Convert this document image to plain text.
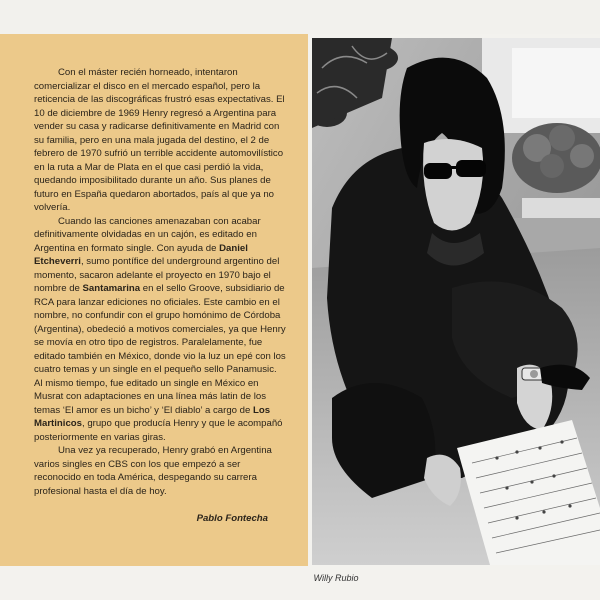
Con el máster recién horneado, intentaron comercializar el disco en el mercado español, pero la reticencia de las discográficas frustró esas expectativas. El 10 de diciembre de 1969 Henry regresó a Argentina para vender su casa y radicarse definitivamente en Madrid con su familia, pero en una mala jugada del destino, el 2 de febrero de 1970 sufrió un terrible accidente automovilístico en la ruta a Mar de Plata en el que casi perdió la vida, quedando imposibilitado durante un año. Sus planes de futuro en España quedaron abortados, país al que ya no volvería.

Cuando las canciones amenazaban con acabar definitivamente olvidadas en un cajón, es editado en Argentina en formato single. Con ayuda de Daniel Etcheverri, sumo pontífice del underground argentino del momento, sacaron adelante el proyecto en 1970 bajo el nombre de Santamarina en el sello Groove, subsidiario de RCA para lanzar ediciones no oficiales. Este cambio en el nombre, no confundir con el grupo homónimo de Córdoba (Argentina), obedeció a motivos comerciales, ya que Henry se movía en otro tipo de registros. Paralelamente, fue editado también en México, donde vio la luz un epé con los cuatro temas y un single en el pequeño sello Panamusic. Al mismo tiempo, fue editado un single en México en Musrat con adaptaciones en una línea más latin de los temas ‘El amor es un bicho’ y ‘El diablo’ a cargo de Los Martinicos, grupo que producía Henry y que le acompañó posteriormente en varias giras.

Una vez ya recuperado, Henry grabó en Argentina varios singles en CBS con los que empezó a ser reconocido en toda América, despegando su carrera profesional hasta el día de hoy.

Pablo Fontecha
Willy Rubio
